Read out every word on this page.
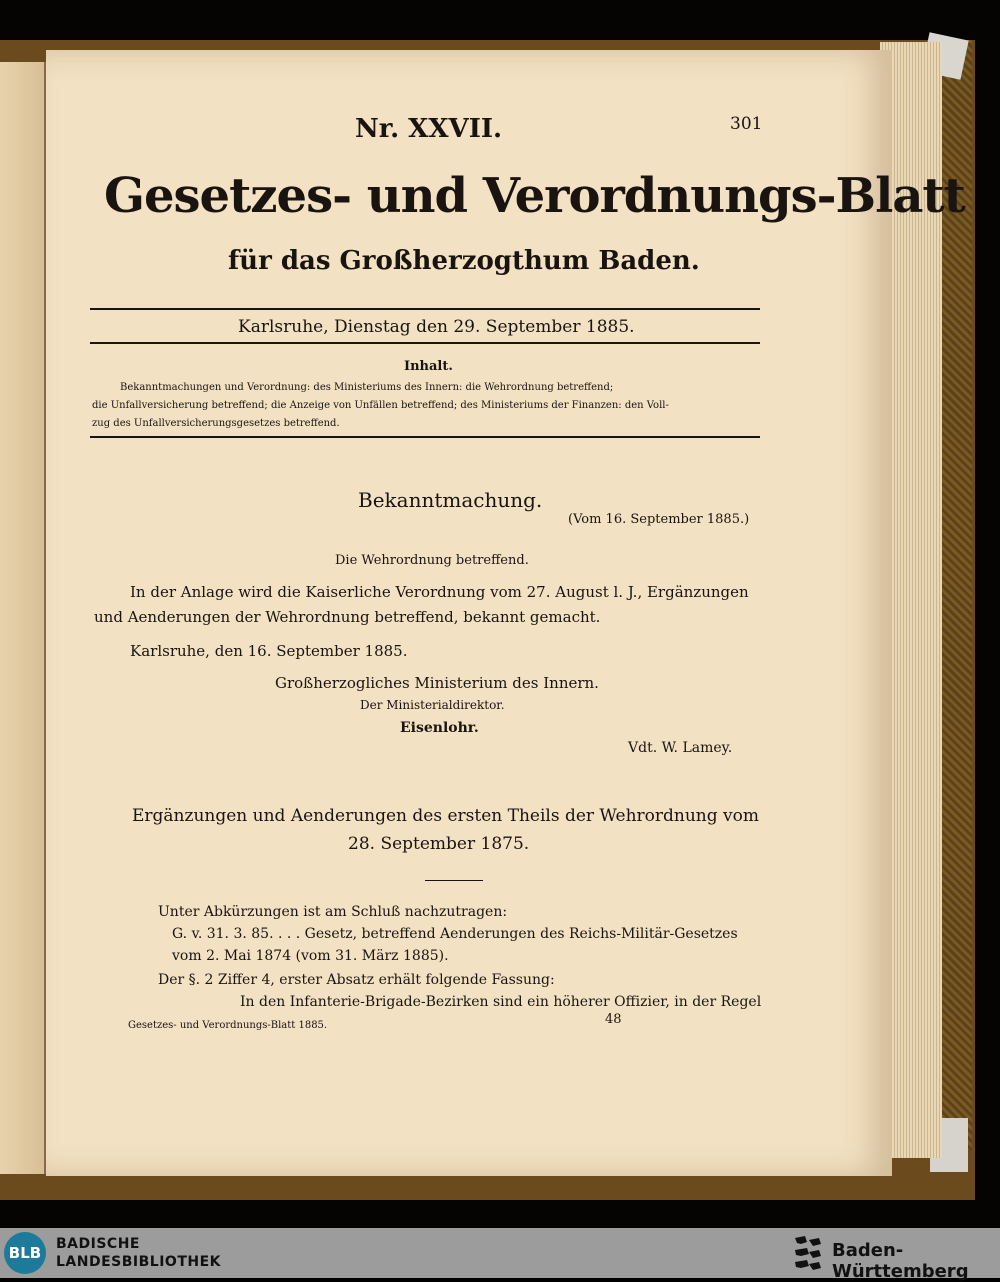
Nr. XXVII.	301
Gesetzes- und Verordnungs-Blatt
für das Großherzogthum Baden.
Karlsruhe, Dienstag den 29. September 1885.
Inhalt.
Bekanntmachungen und Verordnung: des Ministeriums des Innern: die Wehrordnung betreffend;
die Unfallversicherung betreffend; die Anzeige von Unfällen betreffend; des Ministeriums der Finanzen: den Voll-
zug des Unfallversicherungsgesetzes betreffend.
Bekanntmachung.
(Vom 16. September 1885.)
Die Wehrordnung betreffend.
In der Anlage wird die Kaiserliche Verordnung vom 27. August l. J., Ergänzungen
und Aenderungen der Wehrordnung betreffend, bekannt gemacht.
Karlsruhe, den 16. September 1885.
Großherzogliches Ministerium des Innern.
Der Ministerialdirektor.
Eisenlohr.
Vdt. W. Lamey.
Ergänzungen und Aenderungen des ersten Theils der Wehrordnung vom
28. September 1875.
Unter Abkürzungen ist am Schluß nachzutragen:
G. v. 31. 3. 85. . . . Gesetz, betreffend Aenderungen des Reichs-Militär-Gesetzes
vom 2. Mai 1874 (vom 31. März 1885).
Der §. 2 Ziffer 4, erster Absatz erhält folgende Fassung:
In den Infanterie-Brigade-Bezirken sind ein höherer Offizier, in der Regel
Gesetzes- und Verordnungs-Blatt 1885.	48
BLB	BADISCHE
LANDESBIBLIOTHEK
Baden-Württemberg
